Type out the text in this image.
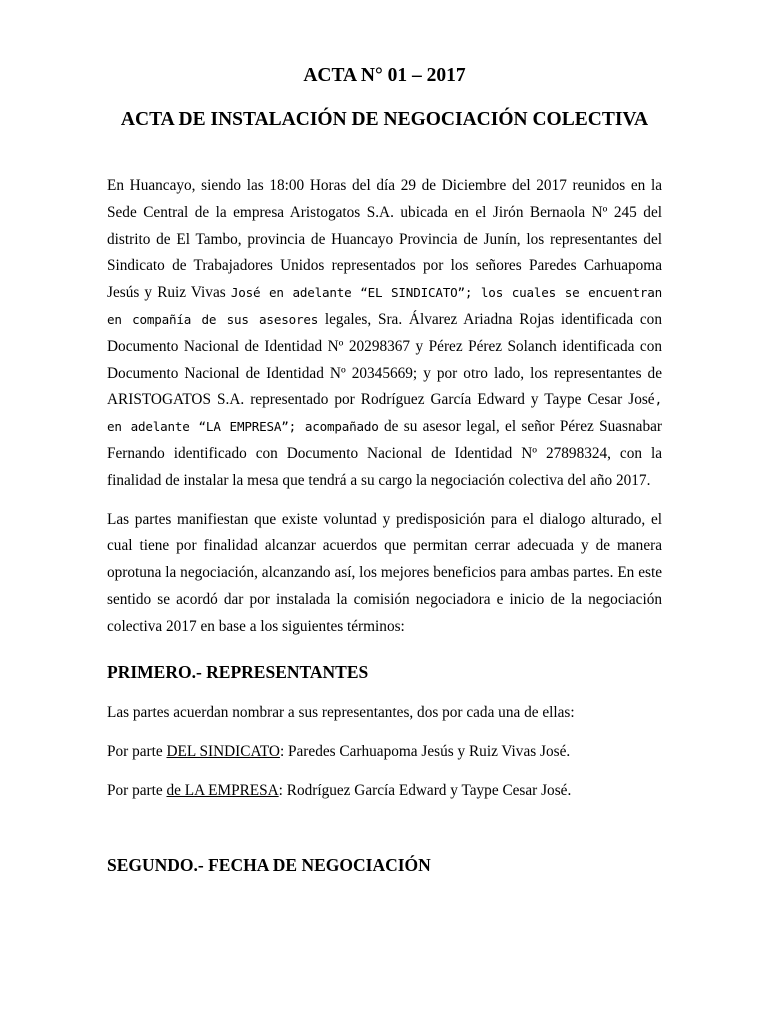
ACTA N° 01 – 2017
ACTA DE INSTALACIÓN DE NEGOCIACIÓN COLECTIVA

En Huancayo, siendo las 18:00 Horas del día 29 de Diciembre del 2017 reunidos en la Sede Central de la empresa Aristogatos S.A. ubicada en el Jirón Bernaola Nº 245 del distrito de El Tambo, provincia de Huancayo Provincia de Junín, los representantes del Sindicato de Trabajadores Unidos representados por los señores Paredes Carhuapoma Jesús y Ruiz Vivas José en adelante “EL SINDICATO”; los cuales se encuentran en compañía de sus asesores legales, Sra. Álvarez Ariadna Rojas identificada con Documento Nacional de Identidad Nº 20298367 y Pérez Pérez Solanch identificada con Documento Nacional de Identidad Nº 20345669; y por otro lado, los representantes de ARISTOGATOS S.A. representado por Rodríguez García Edward y Taype Cesar José, en adelante “LA EMPRESA”; acompañado de su asesor legal, el señor Pérez Suasnabar Fernando identificado con Documento Nacional de Identidad Nº 27898324, con la finalidad de instalar la mesa que tendrá a su cargo la negociación colectiva del año 2017.

Las partes manifiestan que existe voluntad y predisposición para el dialogo alturado, el cual tiene por finalidad alcanzar acuerdos que permitan cerrar adecuada y de manera oprotuna la negociación, alcanzando así, los mejores beneficios para ambas partes. En este sentido se acordó dar por instalada la comisión negociadora e inicio de la negociación colectiva 2017 en base a los siguientes términos:

PRIMERO.- REPRESENTANTES

Las partes acuerdan nombrar a sus representantes, dos por cada una de ellas:

Por parte DEL SINDICATO: Paredes Carhuapoma Jesús y Ruiz Vivas José.

Por parte de LA EMPRESA: Rodríguez García Edward y Taype Cesar José.

SEGUNDO.- FECHA DE NEGOCIACIÓN
